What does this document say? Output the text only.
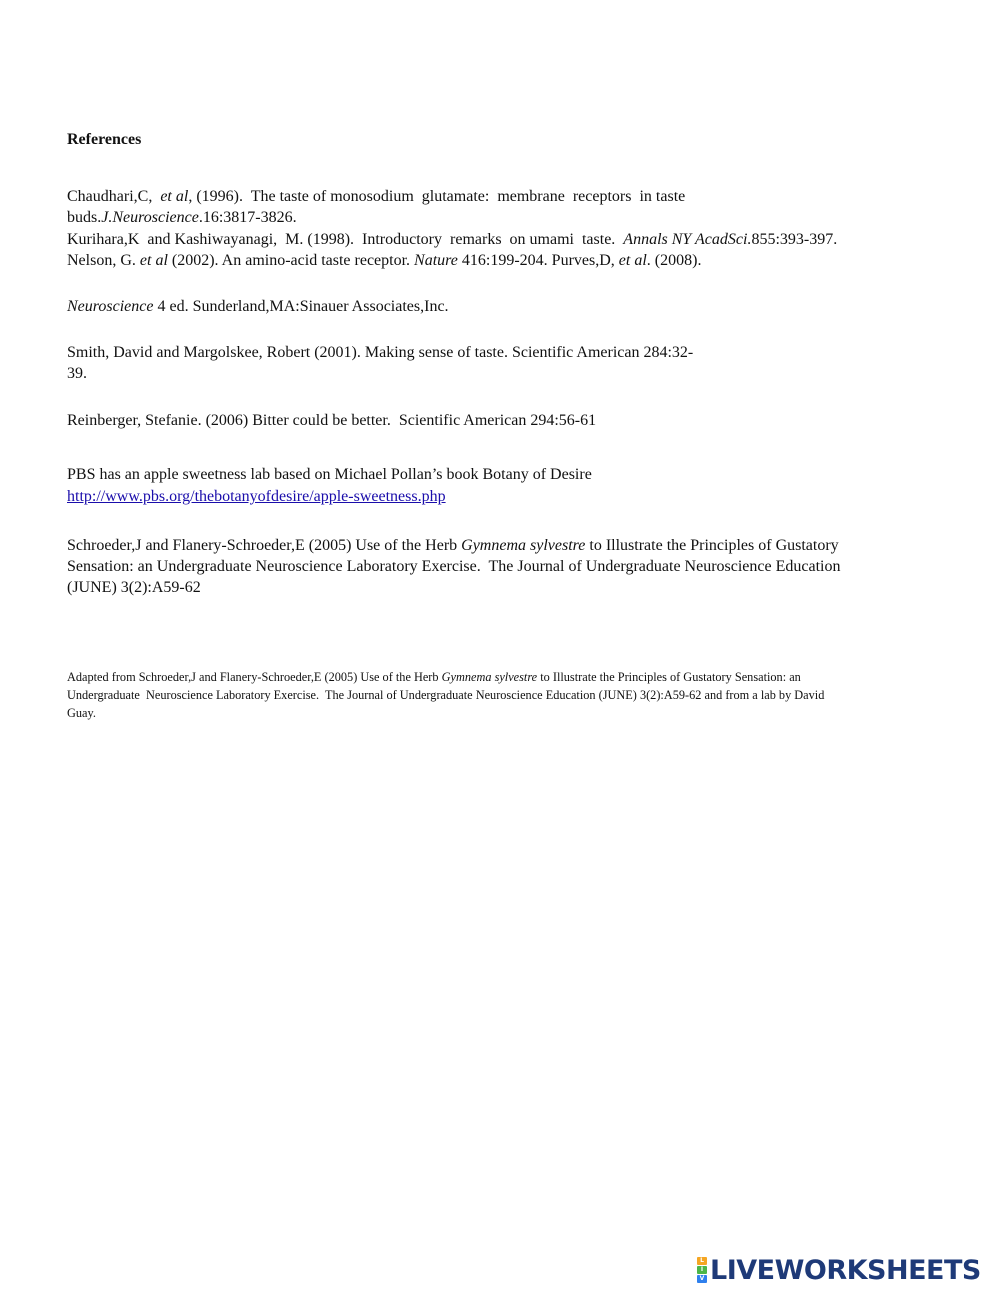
References
Chaudhari,C, et al, (1996).  The taste of monosodium  glutamate:  membrane  receptors  in taste
buds.J.Neuroscience.16:3817-3826.
Kurihara,K  and Kashiwayanagi,  M. (1998).  Introductory  remarks  on umami  taste. Annals NY AcadSci.855:393-397.
Nelson, G. et al (2002). An amino-acid taste receptor. Nature 416:199-204. Purves,D, et al. (2008).
Neuroscience 4 ed. Sunderland,MA:Sinauer Associates,Inc.
Smith, David and Margolskee, Robert (2001). Making sense of taste. Scientific American 284:32-
39.
Reinberger, Stefanie. (2006) Bitter could be better.  Scientific American 294:56-61
PBS has an apple sweetness lab based on Michael Pollan’s book Botany of Desire
http://www.pbs.org/thebotanyofdesire/apple-sweetness.php
Schroeder,J and Flanery-Schroeder,E (2005) Use of the Herb Gymnema sylvestre to Illustrate the Principles of Gustatory
Sensation: an Undergraduate Neuroscience Laboratory Exercise.  The Journal of Undergraduate Neuroscience Education
(JUNE) 3(2):A59-62
Adapted from Schroeder,J and Flanery-Schroeder,E (2005) Use of the Herb Gymnema sylvestre to Illustrate the Principles of Gustatory Sensation: an
Undergraduate  Neuroscience Laboratory Exercise.  The Journal of Undergraduate Neuroscience Education (JUNE) 3(2):A59-62 and from a lab by David
Guay.
L
I
V LIVEWORKSHEETS
